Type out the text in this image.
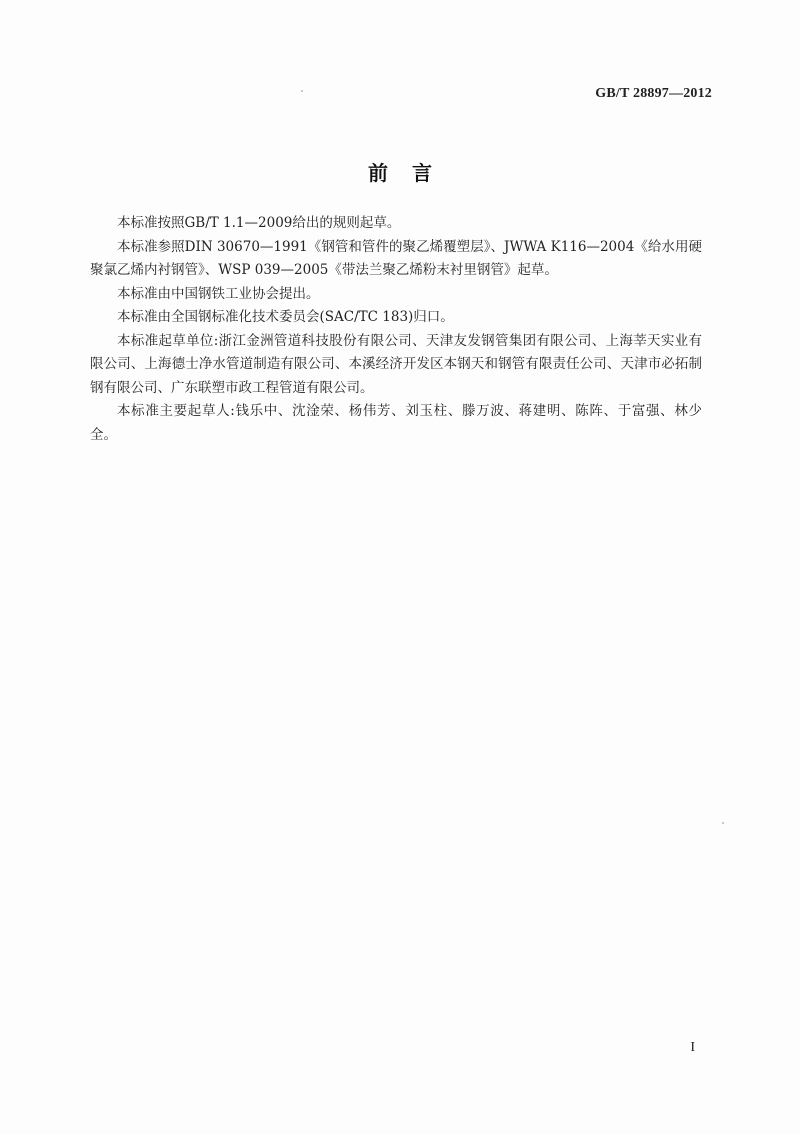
GB/T 28897—2012
前言

本标准按照GB/T 1.1—2009给出的规则起草。

本标准参照DIN 30670—1991《钢管和管件的聚乙烯覆塑层》、JWWA K116—2004《给水用硬聚氯乙烯内衬钢管》、WSP 039—2005《带法兰聚乙烯粉末衬里钢管》起草。

本标准由中国钢铁工业协会提出。

本标准由全国钢标准化技术委员会(SAC/TC 183)归口。

本标准起草单位:浙江金洲管道科技股份有限公司、天津友发钢管集团有限公司、上海莘天实业有限公司、上海德士净水管道制造有限公司、本溪经济开发区本钢天和钢管有限责任公司、天津市必拓制钢有限公司、广东联塑市政工程管道有限公司。

本标准主要起草人:钱乐中、沈淦荣、杨伟芳、刘玉柱、滕万波、蒋建明、陈阵、于富强、林少全。

I
